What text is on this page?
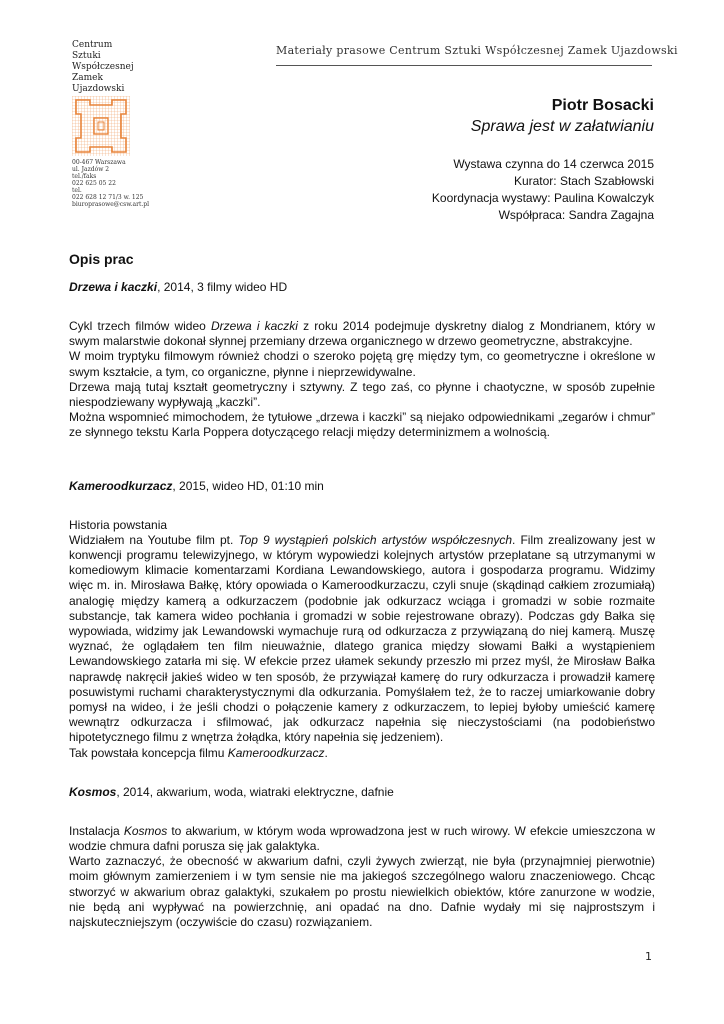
Centrum
Sztuki
Współczesnej
Zamek
Ujazdowski
00-467 Warszawa
ul. Jazdów 2
tel./faks
022 625 05 22
tel.
022 628 12 71/3 w. 125
biuroprasowe@csw.art.pl
Materiały prasowe Centrum Sztuki Współczesnej Zamek Ujazdowski
Piotr Bosacki
Sprawa jest w załatwianiu
Wystawa czynna do 14 czerwca 2015
Kurator: Stach Szabłowski
Koordynacja wystawy: Paulina Kowalczyk
Współpraca: Sandra Zagajna
Opis prac

Drzewa i kaczki, 2014, 3 filmy wideo HD

Cykl trzech filmów wideo Drzewa i kaczki z roku 2014 podejmuje dyskretny dialog z Mondrianem, który w swym malarstwie dokonał słynnej przemiany drzewa organicznego w drzewo geometryczne, abstrakcyjne.

W moim tryptyku filmowym również chodzi o szeroko pojętą grę między tym, co geometryczne i określone w swym kształcie, a tym, co organiczne, płynne i nieprzewidywalne.

Drzewa mają tutaj kształt geometryczny i sztywny. Z tego zaś, co płynne i chaotyczne, w sposób zupełnie niespodziewany wypływają „kaczki”.

Można wspomnieć mimochodem, że tytułowe „drzewa i kaczki” są niejako odpowiednikami „zegarów i chmur” ze słynnego tekstu Karla Poppera dotyczącego relacji między determinizmem a wolnością.

Kameroodkurzacz, 2015, wideo HD, 01:10 min

Historia powstania

Widziałem na Youtube film pt. Top 9 wystąpień polskich artystów współczesnych. Film zrealizowany jest w konwencji programu telewizyjnego, w którym wypowiedzi kolejnych artystów przeplatane są utrzymanymi w komediowym klimacie komentarzami Kordiana Lewandowskiego, autora i gospodarza programu. Widzimy więc m. in. Mirosława Bałkę, który opowiada o Kameroodkurzaczu, czyli snuje (skądinąd całkiem zrozumiałą) analogię między kamerą a odkurzaczem (podobnie jak odkurzacz wciąga i gromadzi w sobie rozmaite substancje, tak kamera wideo pochłania i gromadzi w sobie rejestrowane obrazy). Podczas gdy Bałka się wypowiada, widzimy jak Lewandowski wymachuje rurą od odkurzacza z przywiązaną do niej kamerą. Muszę wyznać, że oglądałem ten film nieuważnie, dlatego granica między słowami Bałki a wystąpieniem Lewandowskiego zatarła mi się. W efekcie przez ułamek sekundy przeszło mi przez myśl, że Mirosław Bałka naprawdę nakręcił jakieś wideo w ten sposób, że przywiązał kamerę do rury odkurzacza i prowadził kamerę posuwistymi ruchami charakterystycznymi dla odkurzania. Pomyślałem też, że to raczej umiarkowanie dobry pomysł na wideo, i że jeśli chodzi o połączenie kamery z odkurzaczem, to lepiej byłoby umieścić kamerę wewnątrz odkurzacza i sfilmować, jak odkurzacz napełnia się nieczystościami (na podobieństwo hipotetycznego filmu z wnętrza żołądka, który napełnia się jedzeniem).

Tak powstała koncepcja filmu Kameroodkurzacz.

Kosmos, 2014, akwarium, woda, wiatraki elektryczne, dafnie

Instalacja Kosmos to akwarium, w którym woda wprowadzona jest w ruch wirowy. W efekcie umieszczona w wodzie chmura dafni porusza się jak galaktyka.

Warto zaznaczyć, że obecność w akwarium dafni, czyli żywych zwierząt, nie była (przynajmniej pierwotnie) moim głównym zamierzeniem i w tym sensie nie ma jakiegoś szczególnego waloru znaczeniowego. Chcąc stworzyć w akwarium obraz galaktyki, szukałem po prostu niewielkich obiektów, które zanurzone w wodzie, nie będą ani wypływać na powierzchnię, ani opadać na dno. Dafnie wydały mi się najprostszym i najskuteczniejszym (oczywiście do czasu) rozwiązaniem.

1
